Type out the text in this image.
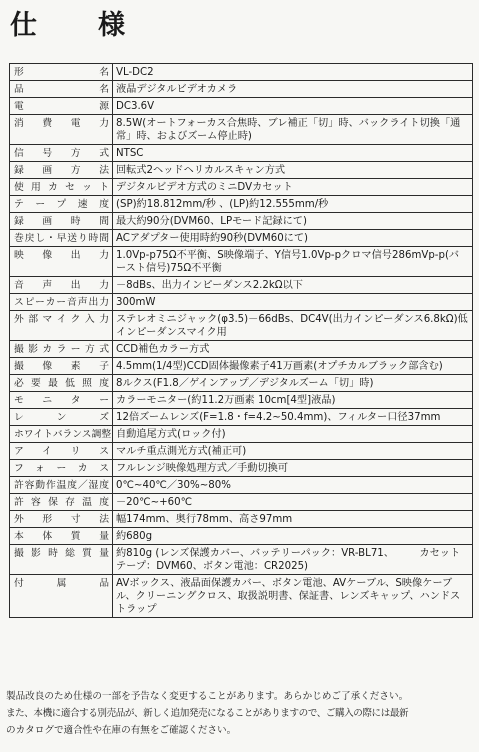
仕　様
形名	VL-DC2
品名	液晶デジタルビデオカメラ
電源	DC3.6V
消費電力	8.5W(オートフォーカス合焦時、ブレ補正「切」時、バックライト切換「通常」時、およびズーム停止時)
信号方式	NTSC
録画方法	回転式2ヘッドヘリカルスキャン方式
使用カセット	デジタルビデオ方式のミニDVカセット
テープ速度	(SP)約18.812mm/秒 、(LP)約12.555mm/秒
録画時間	最大約90分(DVM60、LPモード記録にて)
巻戻し・早送り時間	ACアダプター使用時約90秒(DVM60にて)
映像出力	1.0Vp-p75Ω不平衡、S映像端子、Y信号1.0Vp-pクロマ信号286mVp-p(バースト信号)75Ω不平衡
音声出力	－8dBs、出力インピーダンス2.2kΩ以下
スピーカー音声出力	300mW
外部マイク入力	ステレオミニジャック(φ3.5)－66dBs、DC4V(出力インピーダンス6.8kΩ)低インピーダンスマイク用
撮影カラー方式	CCD補色カラー方式
撮像素子	4.5mm(1/4型)CCD固体撮像素子41万画素(オプチカルブラック部含む)
必要最低照度	8ルクス(F1.8／ゲインアップ／デジタルズーム「切」時)
モニター	カラーモニター(約11.2万画素 10cm[4型]液晶)
レンズ	12倍ズームレンズ(F=1.8・f=4.2~50.4mm)、フィルター口径37mm
ホワイトバランス調整	自動追尾方式(ロック付)
アイリス	マルチ重点測光方式(補正可)
フォーカス	フルレンジ映像処理方式／手動切換可
許容動作温度／湿度	0℃~40℃／30%~80%
許容保存温度	－20℃~+60℃
外形寸法	幅174mm、奥行78mm、高さ97mm
本体質量	約680g
撮影時総質量	約810g (レンズ保護カバー、バッテリーパック：VR-BL71、　　　カセットテープ：DVM60、ボタン電池：CR2025)
付属品	AVボックス、液晶面保護カバー、ボタン電池、AVケーブル、S映像ケーブル、クリーニングクロス、取扱説明書、保証書、レンズキャップ、ハンドストラップ

製品改良のため仕様の一部を予告なく変更することがあります。あらかじめご了承ください。

また、本機に適合する別売品が、新しく追加発売になることがありますので、ご購入の際には最新

のカタログで適合性や在庫の有無をご確認ください。
